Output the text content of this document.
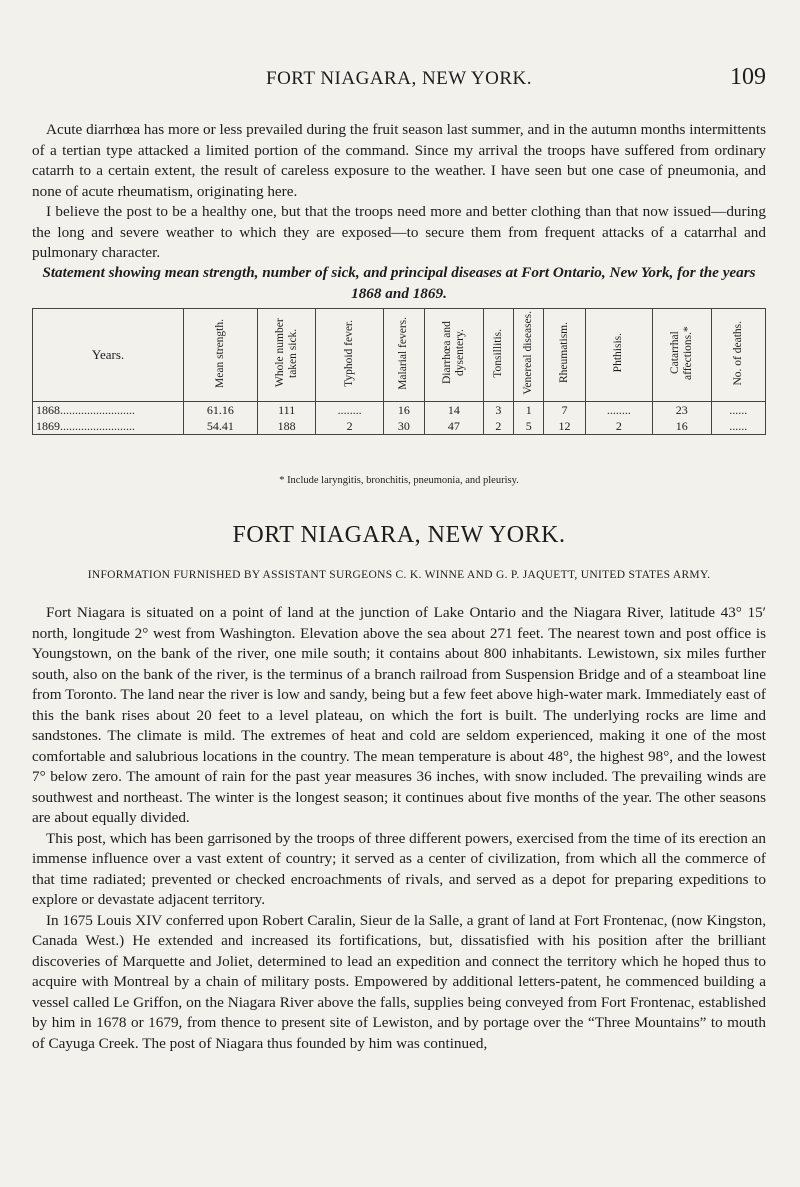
FORT NIAGARA, NEW YORK.	109

Acute diarrhœa has more or less prevailed during the fruit season last summer, and in the autumn months intermittents of a tertian type attacked a limited portion of the command. Since my arrival the troops have suffered from ordinary catarrh to a certain extent, the result of careless exposure to the weather. I have seen but one case of pneumonia, and none of acute rheumatism, originating here.

I believe the post to be a healthy one, but that the troops need more and better clothing than that now issued—during the long and severe weather to which they are exposed—to secure them from frequent attacks of a catarrhal and pulmonary character.

Statement showing mean strength, number of sick, and principal diseases at Fort Ontario, New York, for the years 1868 and 1869.
Years.	Mean strength.	Whole number taken sick.	Typhoid fever.	Malarial fevers.	Diarrhœa and dysentery.	Tonsillitis.	Venereal diseases.	Rheumatism.	Phthisis.	Catarrhal affections.*	No. of deaths.
1868.........................	61.16	111	........	16	14	3	1	7	........	23	......
1869.........................	54.41	188	2	30	47	2	5	12	2	16	......
* Include laryngitis, bronchitis, pneumonia, and pleurisy.
FORT NIAGARA, NEW YORK.
INFORMATION FURNISHED BY ASSISTANT SURGEONS C. K. WINNE AND G. P. JAQUETT, UNITED STATES ARMY.

Fort Niagara is situated on a point of land at the junction of Lake Ontario and the Niagara River, latitude 43° 15′ north, longitude 2° west from Washington. Elevation above the sea about 271 feet. The nearest town and post office is Youngstown, on the bank of the river, one mile south; it contains about 800 inhabitants. Lewistown, six miles further south, also on the bank of the river, is the terminus of a branch railroad from Suspension Bridge and of a steamboat line from Toronto. The land near the river is low and sandy, being but a few feet above high-water mark. Immediately east of this the bank rises about 20 feet to a level plateau, on which the fort is built. The underlying rocks are lime and sandstones. The climate is mild. The extremes of heat and cold are seldom experienced, making it one of the most comfortable and salubrious locations in the country. The mean temperature is about 48°, the highest 98°, and the lowest 7° below zero. The amount of rain for the past year measures 36 inches, with snow included. The prevailing winds are southwest and northeast. The winter is the longest season; it continues about five months of the year. The other seasons are about equally divided.

This post, which has been garrisoned by the troops of three different powers, exercised from the time of its erection an immense influence over a vast extent of country; it served as a center of civilization, from which all the commerce of that time radiated; prevented or checked encroachments of rivals, and served as a depot for preparing expeditions to explore or devastate adjacent territory.

In 1675 Louis XIV conferred upon Robert Caralin, Sieur de la Salle, a grant of land at Fort Frontenac, (now Kingston, Canada West.) He extended and increased its fortifications, but, dissatisfied with his position after the brilliant discoveries of Marquette and Joliet, determined to lead an expedition and connect the territory which he hoped thus to acquire with Montreal by a chain of military posts. Empowered by additional letters-patent, he commenced building a vessel called Le Griffon, on the Niagara River above the falls, supplies being conveyed from Fort Frontenac, established by him in 1678 or 1679, from thence to present site of Lewiston, and by portage over the “Three Mountains” to mouth of Cayuga Creek. The post of Niagara thus founded by him was continued,
